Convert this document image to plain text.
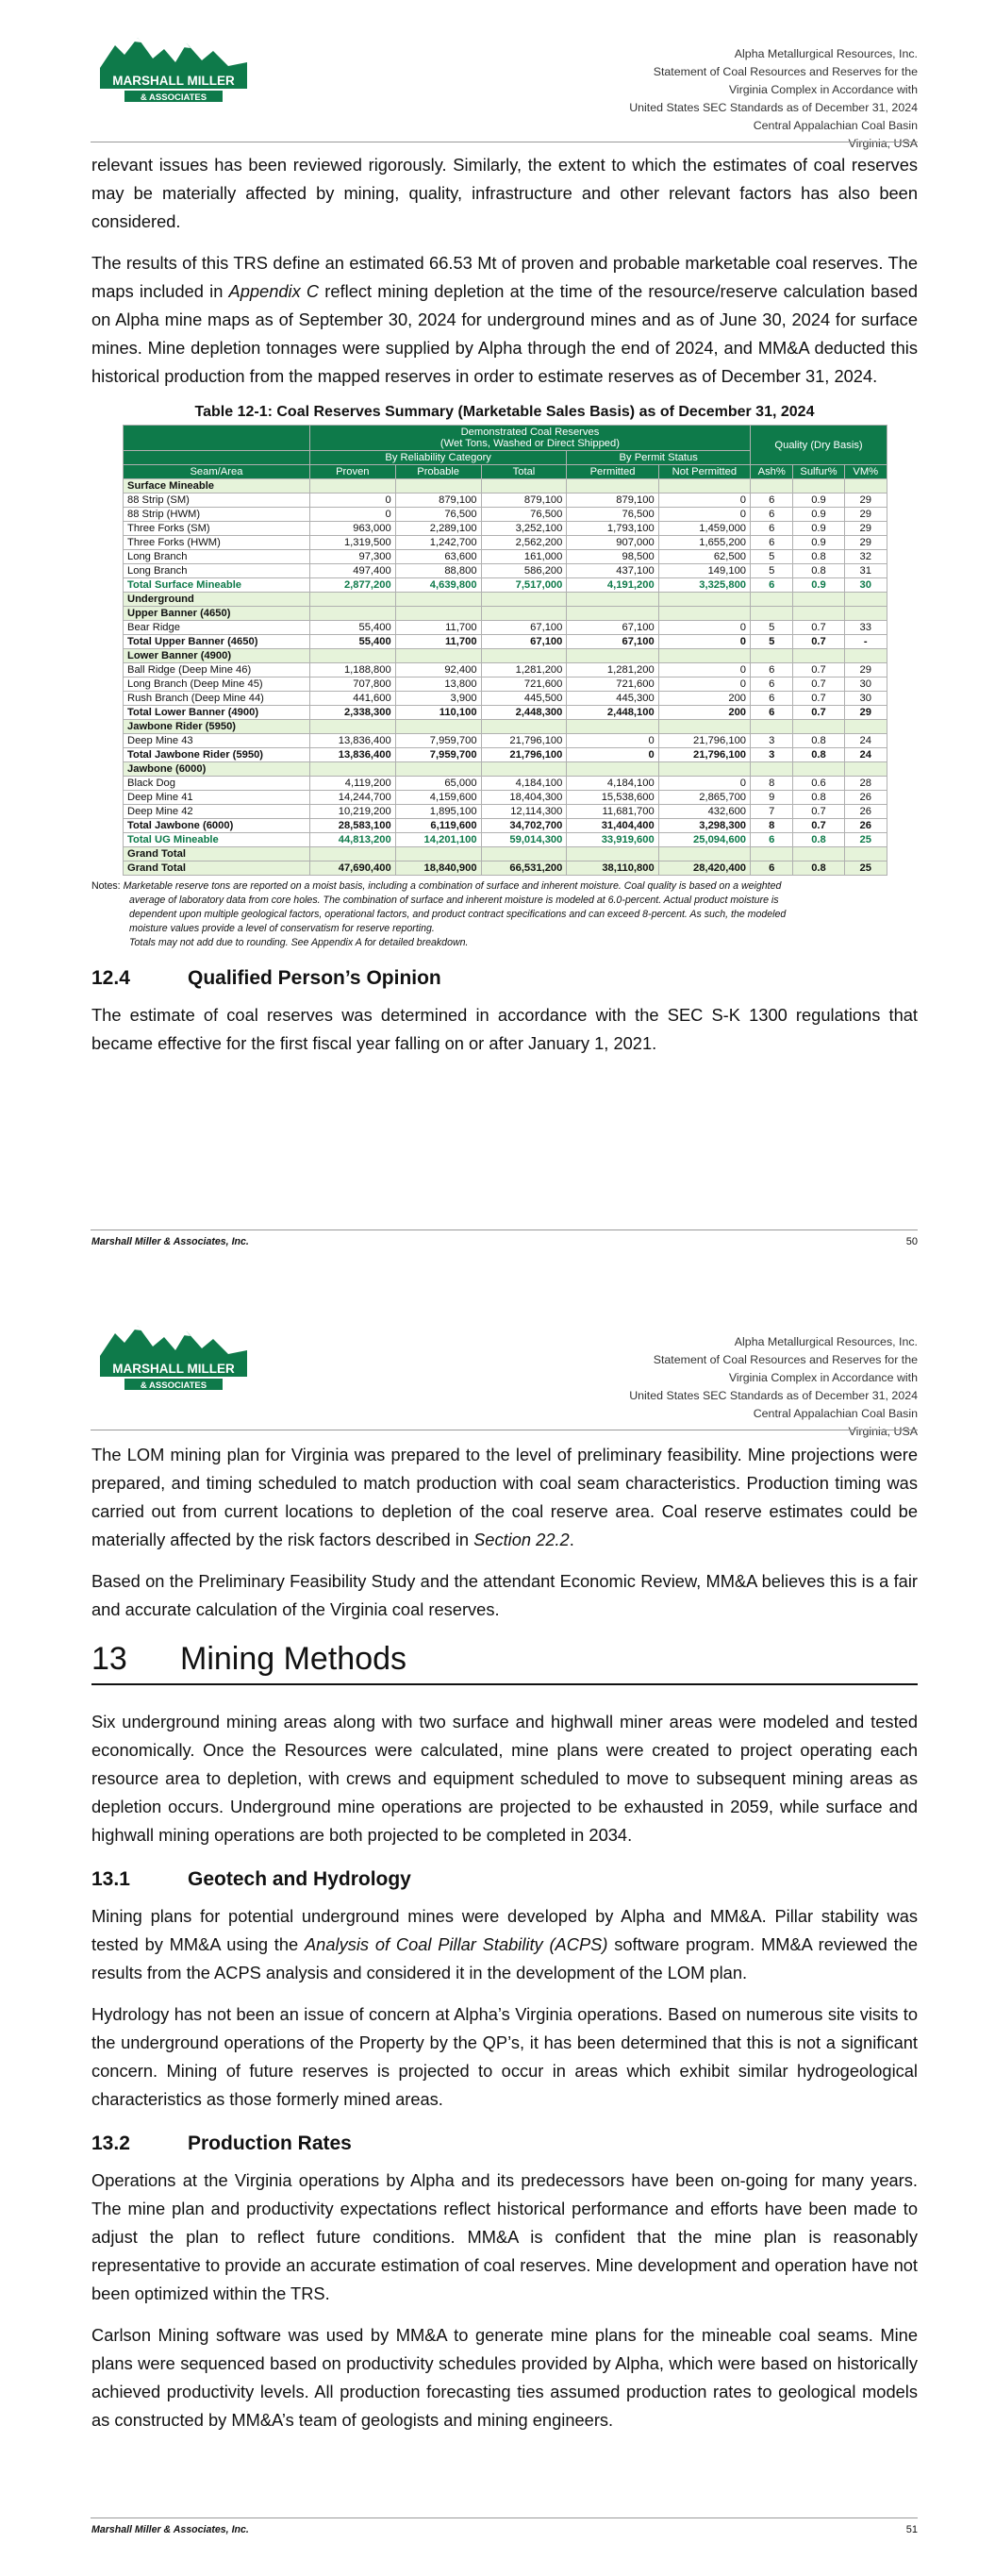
MARSHALL MILLER
& ASSOCIATES
Alpha Metallurgical Resources, Inc.
Statement of Coal Resources and Reserves for the
Virginia Complex in Accordance with
United States SEC Standards as of December 31, 2024
Central Appalachian Coal Basin
Virginia, USA

relevant issues has been reviewed rigorously. Similarly, the extent to which the estimates of coal reserves may be materially affected by mining, quality, infrastructure and other relevant factors has also been considered.

The results of this TRS define an estimated 66.53 Mt of proven and probable marketable coal reserves. The maps included in Appendix C reflect mining depletion at the time of the resource/reserve calculation based on Alpha mine maps as of September 30, 2024 for underground mines and as of June 30, 2024 for surface mines. Mine depletion tonnages were supplied by Alpha through the end of 2024, and MM&A deducted this historical production from the mapped reserves in order to estimate reserves as of December 31, 2024.

Table 12-1: Coal Reserves Summary (Marketable Sales Basis) as of December 31, 2024
	Demonstrated Coal Reserves
(Wet Tons, Washed or Direct Shipped)					Quality (Dry Basis)		
	By Reliability Category			By Permit Status				
Seam/Area	Proven	Probable	Total	Permitted	Not Permitted	Ash%	Sulfur%	VM%
Surface Mineable								
88 Strip (SM)	0	879,100	879,100	879,100	0	6	0.9	29
88 Strip (HWM)	0	76,500	76,500	76,500	0	6	0.9	29
Three Forks (SM)	963,000	2,289,100	3,252,100	1,793,100	1,459,000	6	0.9	29
Three Forks (HWM)	1,319,500	1,242,700	2,562,200	907,000	1,655,200	6	0.9	29
Long Branch	97,300	63,600	161,000	98,500	62,500	5	0.8	32
Long Branch	497,400	88,800	586,200	437,100	149,100	5	0.8	31
Total Surface Mineable	2,877,200	4,639,800	7,517,000	4,191,200	3,325,800	6	0.9	30
Underground								
Upper Banner (4650)								
Bear Ridge	55,400	11,700	67,100	67,100	0	5	0.7	33
Total Upper Banner (4650)	55,400	11,700	67,100	67,100	0	5	0.7	-
Lower Banner (4900)								
Ball Ridge (Deep Mine 46)	1,188,800	92,400	1,281,200	1,281,200	0	6	0.7	29
Long Branch (Deep Mine 45)	707,800	13,800	721,600	721,600	0	6	0.7	30
Rush Branch (Deep Mine 44)	441,600	3,900	445,500	445,300	200	6	0.7	30
Total Lower Banner (4900)	2,338,300	110,100	2,448,300	2,448,100	200	6	0.7	29
Jawbone Rider (5950)								
Deep Mine 43	13,836,400	7,959,700	21,796,100	0	21,796,100	3	0.8	24
Total Jawbone Rider (5950)	13,836,400	7,959,700	21,796,100	0	21,796,100	3	0.8	24
Jawbone (6000)								
Black Dog	4,119,200	65,000	4,184,100	4,184,100	0	8	0.6	28
Deep Mine 41	14,244,700	4,159,600	18,404,300	15,538,600	2,865,700	9	0.8	26
Deep Mine 42	10,219,200	1,895,100	12,114,300	11,681,700	432,600	7	0.7	26
Total Jawbone (6000)	28,583,100	6,119,600	34,702,700	31,404,400	3,298,300	8	0.7	26
Total UG Mineable	44,813,200	14,201,100	59,014,300	33,919,600	25,094,600	6	0.8	25
Grand Total								
Grand Total	47,690,400	18,840,900	66,531,200	38,110,800	28,420,400	6	0.8	25
Notes: Marketable reserve tons are reported on a moist basis, including a combination of surface and inherent moisture. Coal quality is based on a weighted
average of laboratory data from core holes. The combination of surface and inherent moisture is modeled at 6.0-percent. Actual product moisture is
dependent upon multiple geological factors, operational factors, and product contract specifications and can exceed 8-percent. As such, the modeled
moisture values provide a level of conservatism for reserve reporting.
Totals may not add due to rounding. See Appendix A for detailed breakdown.
12.4	Qualified Person’s Opinion

The estimate of coal reserves was determined in accordance with the SEC S-K 1300 regulations that became effective for the first fiscal year falling on or after January 1, 2021.

Marshall Miller & Associates, Inc.	50
MARSHALL MILLER
& ASSOCIATES
Alpha Metallurgical Resources, Inc.
Statement of Coal Resources and Reserves for the
Virginia Complex in Accordance with
United States SEC Standards as of December 31, 2024
Central Appalachian Coal Basin
Virginia, USA

The LOM mining plan for Virginia was prepared to the level of preliminary feasibility. Mine projections were prepared, and timing scheduled to match production with coal seam characteristics. Production timing was carried out from current locations to depletion of the coal reserve area. Coal reserve estimates could be materially affected by the risk factors described in Section 22.2.

Based on the Preliminary Feasibility Study and the attendant Economic Review, MM&A believes this is a fair and accurate calculation of the Virginia coal reserves.

13 Mining Methods

Six underground mining areas along with two surface and highwall miner areas were modeled and tested economically. Once the Resources were calculated, mine plans were created to project operating each resource area to depletion, with crews and equipment scheduled to move to subsequent mining areas as depletion occurs. Underground mine operations are projected to be exhausted in 2059, while surface and highwall mining operations are both projected to be completed in 2034.

13.1	Geotech and Hydrology

Mining plans for potential underground mines were developed by Alpha and MM&A. Pillar stability was tested by MM&A using the Analysis of Coal Pillar Stability (ACPS) software program. MM&A reviewed the results from the ACPS analysis and considered it in the development of the LOM plan.

Hydrology has not been an issue of concern at Alpha’s Virginia operations. Based on numerous site visits to the underground operations of the Property by the QP’s, it has been determined that this is not a significant concern. Mining of future reserves is projected to occur in areas which exhibit similar hydrogeological characteristics as those formerly mined areas.

13.2	Production Rates

Operations at the Virginia operations by Alpha and its predecessors have been on-going for many years. The mine plan and productivity expectations reflect historical performance and efforts have been made to adjust the plan to reflect future conditions. MM&A is confident that the mine plan is reasonably representative to provide an accurate estimation of coal reserves. Mine development and operation have not been optimized within the TRS.

Carlson Mining software was used by MM&A to generate mine plans for the mineable coal seams. Mine plans were sequenced based on productivity schedules provided by Alpha, which were based on historically achieved productivity levels. All production forecasting ties assumed production rates to geological models as constructed by MM&A’s team of geologists and mining engineers.

Marshall Miller & Associates, Inc.	51
